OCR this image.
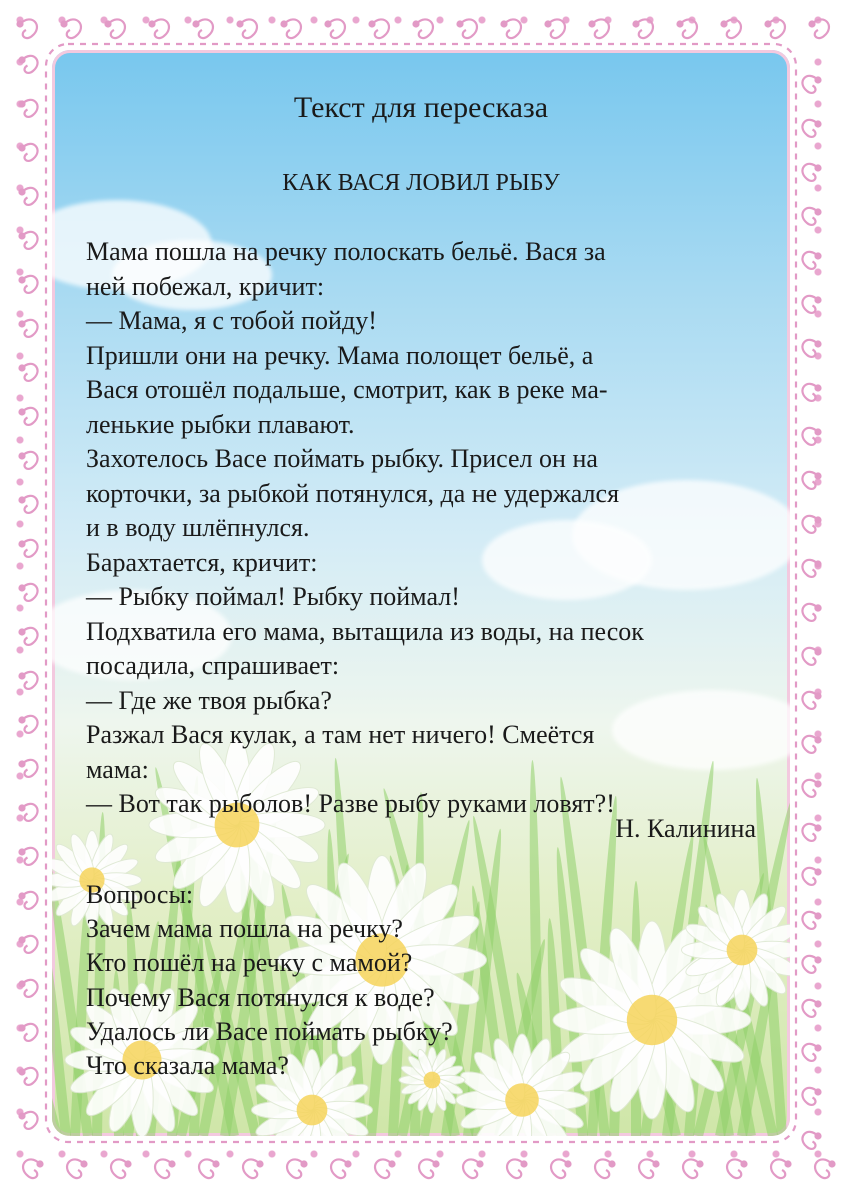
Текст для пересказа
КАК ВАСЯ ЛОВИЛ РЫБУ

Мама пошла на речку полоскать бельё. Вася за

ней побежал, кричит:

— Мама, я с тобой пойду!

Пришли они на речку. Мама полощет бельё, а

Вася отошёл подальше, смотрит, как в реке ма-

ленькие рыбки плавают.

Захотелось Васе поймать рыбку. Присел он на

корточки, за рыбкой потянулся, да не удержался

и в воду шлёпнулся.

Барахтается, кричит:

— Рыбку поймал! Рыбку поймал!

Подхватила его мама, вытащила из воды, на песок

посадила, спрашивает:

— Где же твоя рыбка?

Разжал Вася кулак, а там нет ничего! Смеётся

мама:

— Вот так рыболов! Разве рыбу руками ловят?!

Н. Калинина

Вопросы:

Зачем мама пошла на речку?

Кто пошёл на речку с мамой?

Почему Вася потянулся к воде?

Удалось ли Васе поймать рыбку?

Что сказала мама?
